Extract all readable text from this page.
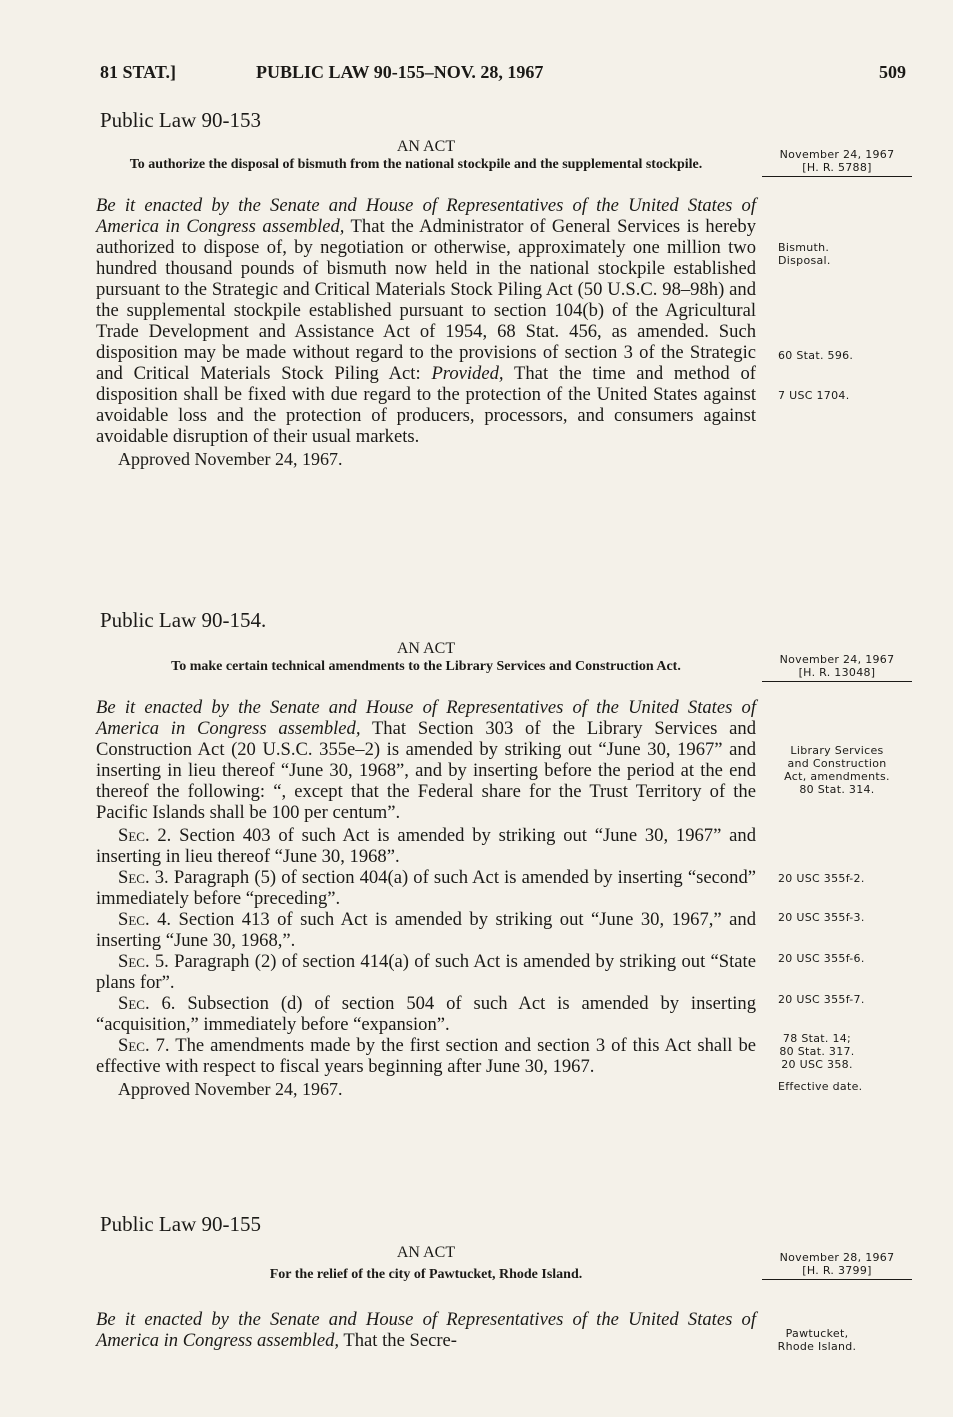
81 STAT.]	PUBLIC LAW 90-155–NOV. 28, 1967	509
Public Law 90-153
AN ACT
To authorize the disposal of bismuth from the national stockpile and the supplemental stockpile.

Be it enacted by the Senate and House of Representatives of the United States of America in Congress assembled, That the Administrator of General Services is hereby authorized to dispose of, by negotiation or otherwise, approximately one million two hundred thousand pounds of bismuth now held in the national stockpile established pursuant to the Strategic and Critical Materials Stock Piling Act (50 U.S.C. 98–98h) and the supplemental stockpile established pursuant to section 104(b) of the Agricultural Trade Development and Assistance Act of 1954, 68 Stat. 456, as amended. Such disposition may be made without regard to the provisions of section 3 of the Strategic and Critical Materials Stock Piling Act: Provided, That the time and method of disposition shall be fixed with due regard to the protection of the United States against avoidable loss and the protection of producers, processors, and consumers against avoidable disruption of their usual markets.

Approved November 24, 1967.

Public Law 90-154.
AN ACT
To make certain technical amendments to the Library Services and Construction Act.

Be it enacted by the Senate and House of Representatives of the United States of America in Congress assembled, That Section 303 of the Library Services and Construction Act (20 U.S.C. 355e–2) is amended by striking out “June 30, 1967” and inserting in lieu thereof “June 30, 1968”, and by inserting before the period at the end thereof the following: “, except that the Federal share for the Trust Territory of the Pacific Islands shall be 100 per centum”.

Sec. 2. Section 403 of such Act is amended by striking out “June 30, 1967” and inserting in lieu thereof “June 30, 1968”.

Sec. 3. Paragraph (5) of section 404(a) of such Act is amended by inserting “second” immediately before “preceding”.

Sec. 4. Section 413 of such Act is amended by striking out “June 30, 1967,” and inserting “June 30, 1968,”.

Sec. 5. Paragraph (2) of section 414(a) of such Act is amended by striking out “State plans for”.

Sec. 6. Subsection (d) of section 504 of such Act is amended by inserting “acquisition,” immediately before “expansion”.

Sec. 7. The amendments made by the first section and section 3 of this Act shall be effective with respect to fiscal years beginning after June 30, 1967.

Approved November 24, 1967.

Public Law 90-155
AN ACT
For the relief of the city of Pawtucket, Rhode Island.

Be it enacted by the Senate and House of Representatives of the United States of America in Congress assembled, That the Secre-

November 24, 1967
[H. R. 5788]
Bismuth. Disposal.
60 Stat. 596.
7 USC 1704.
November 24, 1967
[H. R. 13048]
Library Services
and Construction
Act, amendments.
80 Stat. 314.
20 USC 355f-2.
20 USC 355f-3.
20 USC 355f-6.
20 USC 355f-7.
78 Stat. 14;
80 Stat. 317.
20 USC 358.
Effective date.
November 28, 1967
[H. R. 3799]
Pawtucket,
Rhode Island.
